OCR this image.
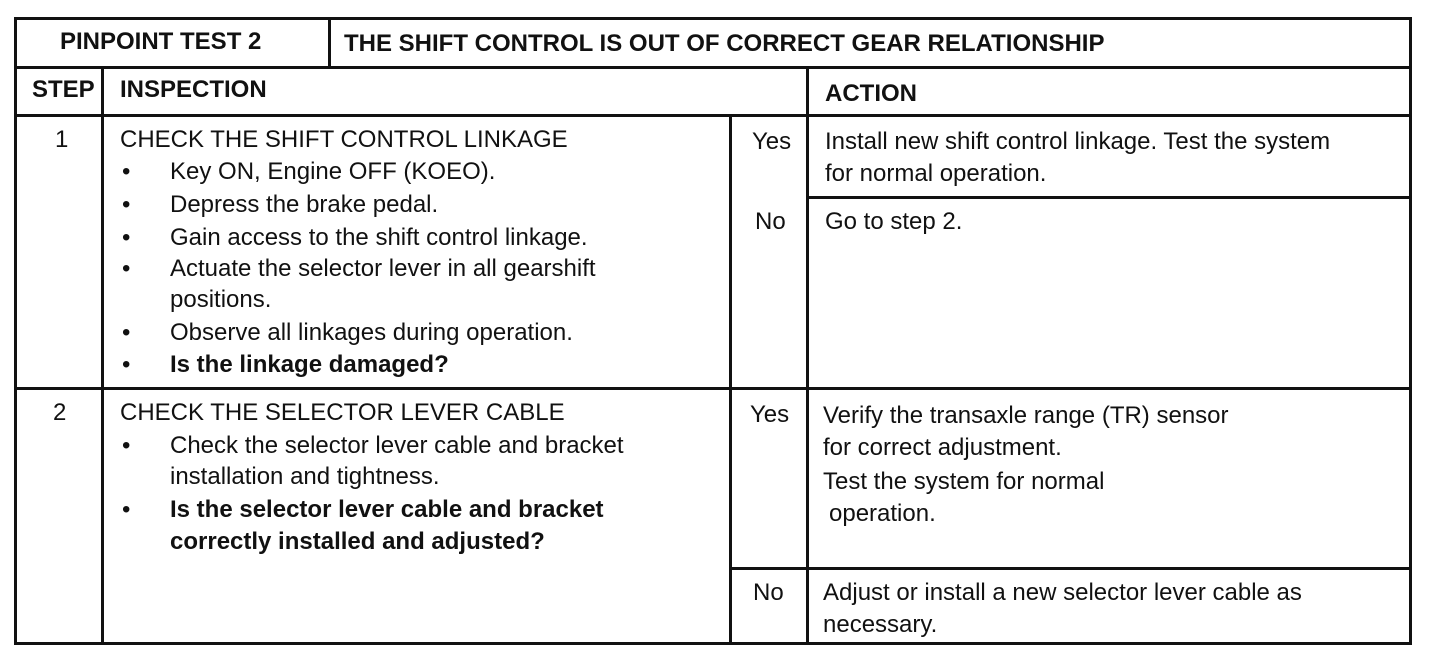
PINPOINT TEST 2	THE SHIFT CONTROL IS OUT OF CORRECT GEAR RELATIONSHIP
STEP INSPECTION	ACTION
1 CHECK THE SHIFT CONTROL LINKAGE
• Key ON, Engine OFF (KOEO).
• Depress the brake pedal.
• Gain access to the shift control linkage.
• Actuate the selector lever in all gearshift
positions.
• Observe all linkages during operation.
• Is the linkage damaged?
Yes Install new shift control linkage. Test the system
for normal operation.
No Go to step 2.
2 CHECK THE SELECTOR LEVER CABLE
• Check the selector lever cable and bracket
installation and tightness.
• Is the selector lever cable and bracket
correctly installed and adjusted?
Yes Verify the transaxle range (TR) sensor
for correct adjustment.
Test the system for normal
operation.
No Adjust or install a new selector lever cable as
necessary.
